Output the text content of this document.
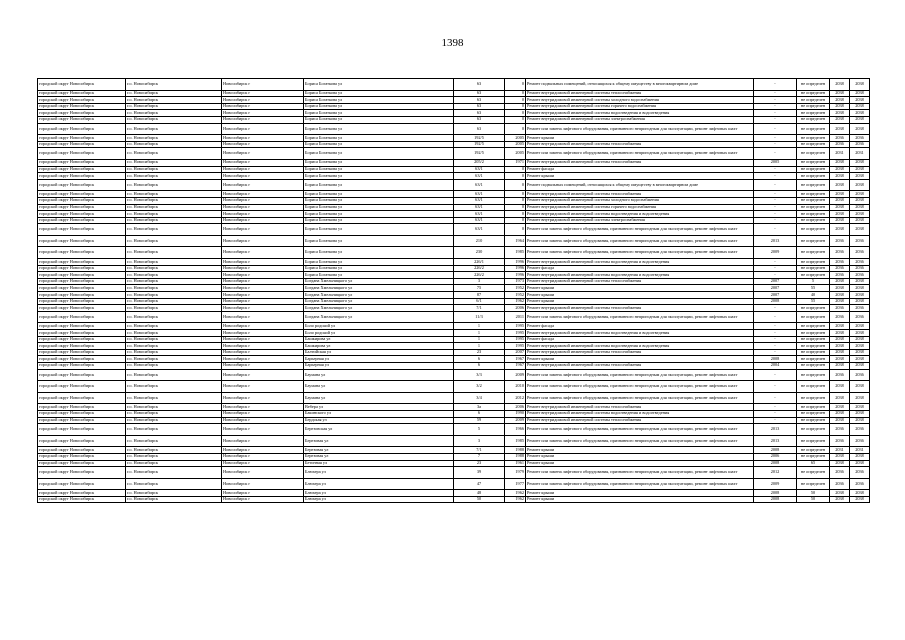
1398
городской округ Новосибирск	г.о. Новосибирск	Новосибирск г	Бориса Богаткова ул	63	0	Ремонт подвальных помещений, относящихся к общему имуществу в многоквартирном доме	-	не определен	2038	2038
городской округ Новосибирск	г.о. Новосибирск	Новосибирск г	Бориса Богаткова ул	63	0	Ремонт внутридомовой инженерной системы теплоснабжения	-	не определен	2038	2038
городской округ Новосибирск	г.о. Новосибирск	Новосибирск г	Бориса Богаткова ул	63	0	Ремонт внутридомовой инженерной системы холодного водоснабжения	-	не определен	2038	2038
городской округ Новосибирск	г.о. Новосибирск	Новосибирск г	Бориса Богаткова ул	63	0	Ремонт внутридомовой инженерной системы горячего водоснабжения	-	не определен	2038	2038
городской округ Новосибирск	г.о. Новосибирск	Новосибирск г	Бориса Богаткова ул	63	0	Ремонт внутридомовой инженерной системы водоотведения и водоотведения	-	не определен	2038	2038
городской округ Новосибирск	г.о. Новосибирск	Новосибирск г	Бориса Богаткова ул	63	0	Ремонт внутридомовой инженерной системы электроснабжения	-	не определен	2038	2038
городской округ Новосибирск	г.о. Новосибирск	Новосибирск г	Бориса Богаткова ул	63	0	Ремонт или замена лифтового оборудования, признанного непригодным для эксплуатации, ремонт лифтовых шахт	-	не определен	2038	2038
городской округ Новосибирск	г.о. Новосибирск	Новосибирск г	Бориса Богаткова ул	192/5	2005	Ремонт крыши	-	не определен	2036	2036
городской округ Новосибирск	г.о. Новосибирск	Новосибирск г	Бориса Богаткова ул	192/5	2005	Ремонт внутридомовой инженерной системы теплоснабжения	-	не определен	2036	2036
городской округ Новосибирск	г.о. Новосибирск	Новосибирск г	Бориса Богаткова ул	192/5	2005	Ремонт или замена лифтового оборудования, признанного непригодным для эксплуатации, ремонт лифтовых шахт	-	не определен	2031	2031
городской округ Новосибирск	г.о. Новосибирск	Новосибирск г	Бориса Богаткова ул	205/2	1971	Ремонт внутридомовой инженерной системы теплоснабжения	2005	не определен	2038	2038
городской округ Новосибирск	г.о. Новосибирск	Новосибирск г	Бориса Богаткова ул	63/1	0	Ремонт фасада	-	не определен	2038	2038
городской округ Новосибирск	г.о. Новосибирск	Новосибирск г	Бориса Богаткова ул	63/1	0	Ремонт крыши	-	не определен	2038	2038
городской округ Новосибирск	г.о. Новосибирск	Новосибирск г	Бориса Богаткова ул	63/1	0	Ремонт подвальных помещений, относящихся к общему имуществу в многоквартирном доме	-	не определен	2038	2038
городской округ Новосибирск	г.о. Новосибирск	Новосибирск г	Бориса Богаткова ул	63/1	0	Ремонт внутридомовой инженерной системы теплоснабжения	-	не определен	2038	2038
городской округ Новосибирск	г.о. Новосибирск	Новосибирск г	Бориса Богаткова ул	63/1	0	Ремонт внутридомовой инженерной системы холодного водоснабжения	-	не определен	2038	2038
городской округ Новосибирск	г.о. Новосибирск	Новосибирск г	Бориса Богаткова ул	63/1	0	Ремонт внутридомовой инженерной системы горячего водоснабжения	-	не определен	2038	2038
городской округ Новосибирск	г.о. Новосибирск	Новосибирск г	Бориса Богаткова ул	63/1	0	Ремонт внутридомовой инженерной системы водоотведения и водоотведения	-	не определен	2038	2038
городской округ Новосибирск	г.о. Новосибирск	Новосибирск г	Бориса Богаткова ул	63/1	0	Ремонт внутридомовой инженерной системы электроснабжения	-	не определен	2038	2038
городской округ Новосибирск	г.о. Новосибирск	Новосибирск г	Бориса Богаткова ул	63/1	0	Ремонт или замена лифтового оборудования, признанного непригодным для эксплуатации, ремонт лифтовых шахт	-	не определен	2038	2038
городской округ Новосибирск	г.о. Новосибирск	Новосибирск г	Бориса Богаткова ул	210	1964	Ремонт или замена лифтового оборудования, признанного непригодным для эксплуатации, ремонт лифтовых шахт	2013	не определен	2036	2036
городской округ Новосибирск	г.о. Новосибирск	Новосибирск г	Бориса Богаткова ул	230	1985	Ремонт или замена лифтового оборудования, признанного непригодным для эксплуатации, ремонт лифтовых шахт	2009	не определен	2036	2036
городской округ Новосибирск	г.о. Новосибирск	Новосибирск г	Бориса Богаткова ул	226/1	1996	Ремонт внутридомовой инженерной системы водоотведения и водоотведения	-	не определен	2036	2036
городской округ Новосибирск	г.о. Новосибирск	Новосибирск г	Бориса Богаткова ул	226/2	1996	Ремонт фасада	-	не определен	2036	2036
городской округ Новосибирск	г.о. Новосибирск	Новосибирск г	Бориса Богаткова ул	226/2	1996	Ремонт внутридомовой инженерной системы водоотведения и водоотведения	-	не определен	2036	2036
городской округ Новосибирск	г.о. Новосибирск	Новосибирск г	Богдана Хмельницкого ул	3	1973	Ремонт внутридомовой инженерной системы теплоснабжения	2007	5	2038	2038
городской округ Новосибирск	г.о. Новосибирск	Новосибирск г	Богдана Хмельницкого ул	75	1952	Ремонт крыши	2007	55	2038	2038
городской округ Новосибирск	г.о. Новосибирск	Новосибирск г	Богдана Хмельницкого ул	87	1952	Ремонт крыши	2007	40	2038	2038
городской округ Новосибирск	г.о. Новосибирск	Новосибирск г	Богдана Хмельницкого ул	6/1	1962	Ремонт крыши	2008	55	2038	2038
городской округ Новосибирск	г.о. Новосибирск	Новосибирск г	Богдана Хмельницкого ул	7/1	2006	Ремонт внутридомовой инженерной системы теплоснабжения	-	не определен	2036	2036
городской округ Новосибирск	г.о. Новосибирск	Новосибирск г	Богдана Хмельницкого ул	11/3	2011	Ремонт или замена лифтового оборудования, признанного непригодным для эксплуатации, ремонт лифтовых шахт	-	не определен	2036	2036
городской округ Новосибирск	г.о. Новосибирск	Новосибирск г	Боло родский ул	1	1995	Ремонт фасада	-	не определен	2038	2038
городской округ Новосибирск	г.о. Новосибирск	Новосибирск г	Боло родский ул	1	1995	Ремонт внутридомовой инженерной системы водоотведения и водоотведения	-	не определен	2038	2038
городской округ Новосибирск	г.о. Новосибирск	Новосибирск г	Башкирова ул	1	1995	Ремонт фасада	-	не определен	2038	2038
городской округ Новосибирск	г.о. Новосибирск	Новосибирск г	Башкирова ул	1	1995	Ремонт внутридомовой инженерной системы водоотведения и водоотведения	-	не определен	2038	2038
городской округ Новосибирск	г.о. Новосибирск	Новосибирск г	Балтийская ул	23	2007	Ремонт внутридомовой инженерной системы теплоснабжения	-	не определен	2038	2038
городской округ Новосибирск	г.о. Новосибирск	Новосибирск г	Барьерная ул	6	1967	Ремонт крыши	2008	не определен	2038	2038
городской округ Новосибирск	г.о. Новосибирск	Новосибирск г	Барьерная ул	6	1967	Ремонт внутридомовой инженерной системы теплоснабжения	2004	не определен	2038	2038
городской округ Новосибирск	г.о. Новосибирск	Новосибирск г	Баумана ул	3/3	2009	Ремонт или замена лифтового оборудования, признанного непригодным для эксплуатации, ремонт лифтовых шахт	-	не определен	2036	2036
городской округ Новосибирск	г.о. Новосибирск	Новосибирск г	Баумана ул	3/2	2010	Ремонт или замена лифтового оборудования, признанного непригодным для эксплуатации, ремонт лифтовых шахт	-	не определен	2038	2038
городской округ Новосибирск	г.о. Новосибирск	Новосибирск г	Баумана ул	3/4	2012	Ремонт или замена лифтового оборудования, признанного непригодным для эксплуатации, ремонт лифтовых шахт	-	не определен	2038	2038
городской округ Новосибирск	г.о. Новосибирск	Новосибирск г	Вебера ул	3а	2006	Ремонт внутридомовой инженерной системы теплоснабжения	-	не определен	2038	2038
городской округ Новосибирск	г.о. Новосибирск	Новосибирск г	Бакинского ул	6	1990	Ремонт внутридомовой инженерной системы водоотведения и водоотведения	-	не определен	2038	2038
городской округ Новосибирск	г.о. Новосибирск	Новосибирск г	Бердская ул	59	2009	Ремонт внутридомовой инженерной системы теплоснабжения	-	не определен	2038	2038
городской округ Новосибирск	г.о. Новосибирск	Новосибирск г	Березовская ул	5	1966	Ремонт или замена лифтового оборудования, признанного непригодным для эксплуатации, ремонт лифтовых шахт	2013	не определен	2036	2036
городской округ Новосибирск	г.о. Новосибирск	Новосибирск г	Березовая ул	3	1985	Ремонт или замена лифтового оборудования, признанного непригодным для эксплуатации, ремонт лифтовых шахт	2013	не определен	2036	2036
городской округ Новосибирск	г.о. Новосибирск	Новосибирск г	Березовая ул	7/1	1988	Ремонт крыши	2008	не определен	2031	2031
городской округ Новосибирск	г.о. Новосибирск	Новосибирск г	Березовая ул	7	1988	Ремонт крыши	2006	не определен	2038	2038
городской округ Новосибирск	г.о. Новосибирск	Новосибирск г	Бетонная ул	23	1961	Ремонт крыши	2008	65	2038	2038
городской округ Новосибирск	г.о. Новосибирск	Новосибирск г	Блюхера ул	39	1979	Ремонт или замена лифтового оборудования, признанного непригодным для эксплуатации, ремонт лифтовых шахт	2012	не определен	2036	2036
городской округ Новосибирск	г.о. Новосибирск	Новосибирск г	Блюхера ул	47	1977	Ремонт или замена лифтового оборудования, признанного непригодным для эксплуатации, ремонт лифтовых шахт	2009	не определен	2036	2036
городской округ Новосибирск	г.о. Новосибирск	Новосибирск г	Блюхера ул	48	1962	Ремонт крыши	2008	50	2038	2038
городской округ Новосибирск	г.о. Новосибирск	Новосибирск г	Блюхера ул	50	1962	Ремонт крыши	2008	50	2038	2038
